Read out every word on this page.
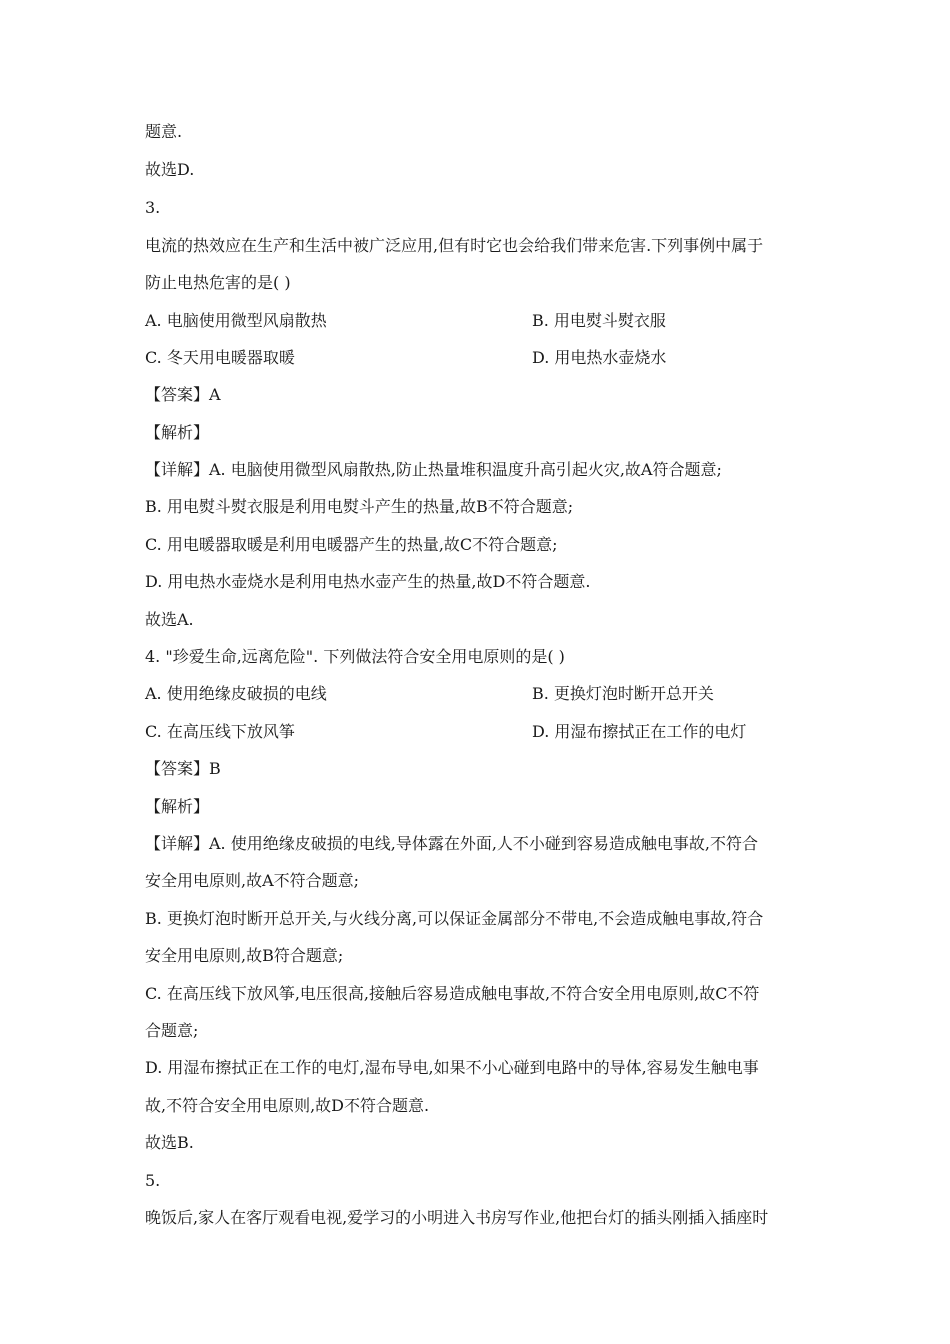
题意.
故选D.
3.
电流的热效应在生产和生活中被广泛应用,但有时它也会给我们带来危害.下列事例中属于
防止电热危害的是( )
A. 电脑使用微型风扇散热	B. 用电熨斗熨衣服
C. 冬天用电暖器取暖	D. 用电热水壶烧水
【答案】A
【解析】
【详解】A. 电脑使用微型风扇散热,防止热量堆积温度升高引起火灾,故A符合题意;
B. 用电熨斗熨衣服是利用电熨斗产生的热量,故B不符合题意;
C. 用电暖器取暖是利用电暖器产生的热量,故C不符合题意;
D. 用电热水壶烧水是利用电热水壶产生的热量,故D不符合题意.
故选A.
4. "珍爱生命,远离危险". 下列做法符合安全用电原则的是( )
A. 使用绝缘皮破损的电线	B. 更换灯泡时断开总开关
C. 在高压线下放风筝	D. 用湿布擦拭正在工作的电灯
【答案】B
【解析】
【详解】A. 使用绝缘皮破损的电线,导体露在外面,人不小碰到容易造成触电事故,不符合
安全用电原则,故A不符合题意;
B. 更换灯泡时断开总开关,与火线分离,可以保证金属部分不带电,不会造成触电事故,符合
安全用电原则,故B符合题意;
C. 在高压线下放风筝,电压很高,接触后容易造成触电事故,不符合安全用电原则,故C不符
合题意;
D. 用湿布擦拭正在工作的电灯,湿布导电,如果不小心碰到电路中的导体,容易发生触电事
故,不符合安全用电原则,故D不符合题意.
故选B.
5.
晚饭后,家人在客厅观看电视,爱学习的小明进入书房写作业,他把台灯的插头刚插入插座时
